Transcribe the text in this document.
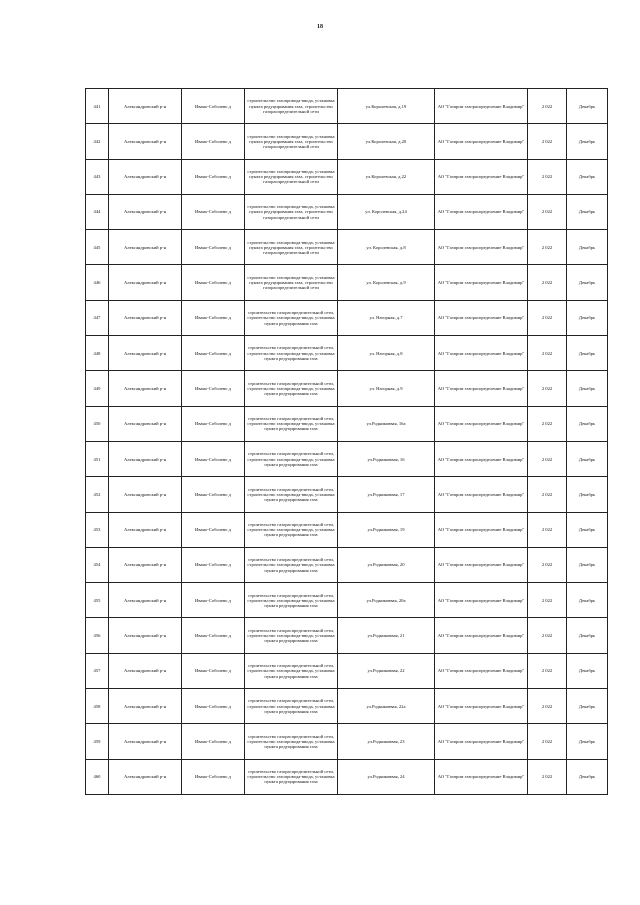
18
441	Александровский р-н	Ивано-Соболево д	строительство газопровода-ввода, установка пункта редуцирования газа, строительство газораспределительной сети	ул.Королевская, д.19	АО "Газпром газораспределение Владимир"	2 022	Декабрь
442	Александровский р-н	Ивано-Соболево д	строительство газопровода-ввода, установка пункта редуцирования газа, строительство газораспределительной сети	ул.Королевская, д.20	АО "Газпром газораспределение Владимир"	2 022	Декабрь
443	Александровский р-н	Ивано-Соболево д	строительство газопровода-ввода, установка пункта редуцирования газа, строительство газораспределительной сети	ул.Королевская, д.22	АО "Газпром газораспределение Владимир"	2 022	Декабрь
444	Александровский р-н	Ивано-Соболево д	строительство газопровода-ввода, установка пункта редуцирования газа, строительство газораспределительной сети	ул. Королевская, д.24	АО "Газпром газораспределение Владимир"	2 022	Декабрь
445	Александровский р-н	Ивано-Соболево д	строительство газопровода-ввода, установка пункта редуцирования газа, строительство газораспределительной сети	ул. Королевская, д.8	АО "Газпром газораспределение Владимир"	2 022	Декабрь
446	Александровский р-н	Ивано-Соболево д	строительство газопровода-ввода, установка пункта редуцирования газа, строительство газораспределительной сети	ул. Королевская, д.9	АО "Газпром газораспределение Владимир"	2 022	Декабрь
447	Александровский р-н	Ивано-Соболево д	строительство газораспределительной сети, строительство газопровода-ввода, установка пункта редуцирования газа	ул. Нагорная, д.7	АО "Газпром газораспределение Владимир"	2 022	Декабрь
448	Александровский р-н	Ивано-Соболево д	строительство газораспределительной сети, строительство газопровода-ввода, установка пункта редуцирования газа	ул. Нагорная, д.8	АО "Газпром газораспределение Владимир"	2 022	Декабрь
449	Александровский р-н	Ивано-Соболево д	строительство газораспределительной сети, строительство газопровода-ввода, установка пункта редуцирования газа	ул. Нагорная, д.9	АО "Газпром газораспределение Владимир"	2 022	Декабрь
450	Александровский р-н	Ивано-Соболево д	строительство газораспределительной сети, строительство газопровода-ввода, установка пункта редуцирования газа	ул.Родниковвая, 16а	АО "Газпром газораспределение Владимир"	2 022	Декабрь
451	Александровский р-н	Ивано-Соболево д	строительство газораспределительной сети, строительство газопровода-ввода, установка пункта редуцирования газа	ул.Родниковвая, 16	АО "Газпром газораспределение Владимир"	2 022	Декабрь
452	Александровский р-н	Ивано-Соболево д	строительство газораспределительной сети, строительство газопровода-ввода, установка пункта редуцирования газа	ул.Родниковвая, 17	АО "Газпром газораспределение Владимир"	2 022	Декабрь
453	Александровский р-н	Ивано-Соболево д	строительство газораспределительной сети, строительство газопровода-ввода, установка пункта редуцирования газа	ул.Родниковвая, 19	АО "Газпром газораспределение Владимир"	2 022	Декабрь
454	Александровский р-н	Ивано-Соболево д	строительство газораспределительной сети, строительство газопровода-ввода, установка пункта редуцирования газа	ул.Родниковвая, 20	АО "Газпром газораспределение Владимир"	2 022	Декабрь
455	Александровский р-н	Ивано-Соболево д	строительство газораспределительной сети, строительство газопровода-ввода, установка пункта редуцирования газа	ул.Родниковвая, 20а	АО "Газпром газораспределение Владимир"	2 022	Декабрь
456	Александровский р-н	Ивано-Соболево д	строительство газораспределительной сети, строительство газопровода-ввода, установка пункта редуцирования газа	ул.Родниковвая, 21	АО "Газпром газораспределение Владимир"	2 022	Декабрь
457	Александровский р-н	Ивано-Соболево д	строительство газораспределительной сети, строительство газопровода-ввода, установка пункта редуцирования газа	ул.Родниковвая, 22	АО "Газпром газораспределение Владимир"	2 022	Декабрь
458	Александровский р-н	Ивано-Соболево д	строительство газораспределительной сети, строительство газопровода-ввода, установка пункта редуцирования газа	ул.Родниковвая, 22а	АО "Газпром газораспределение Владимир"	2 022	Декабрь
459	Александровский р-н	Ивано-Соболево д	строительство газораспределительной сети, строительство газопровода-ввода, установка пункта редуцирования газа	ул.Родниковвая, 23	АО "Газпром газораспределение Владимир"	2 022	Декабрь
460	Александровский р-н	Ивано-Соболево д	строительство газораспределительной сети, строительство газопровода-ввода, установка пункта редуцирования газа	ул.Родниковвая, 24	АО "Газпром газораспределение Владимир"	2 022	Декабрь
